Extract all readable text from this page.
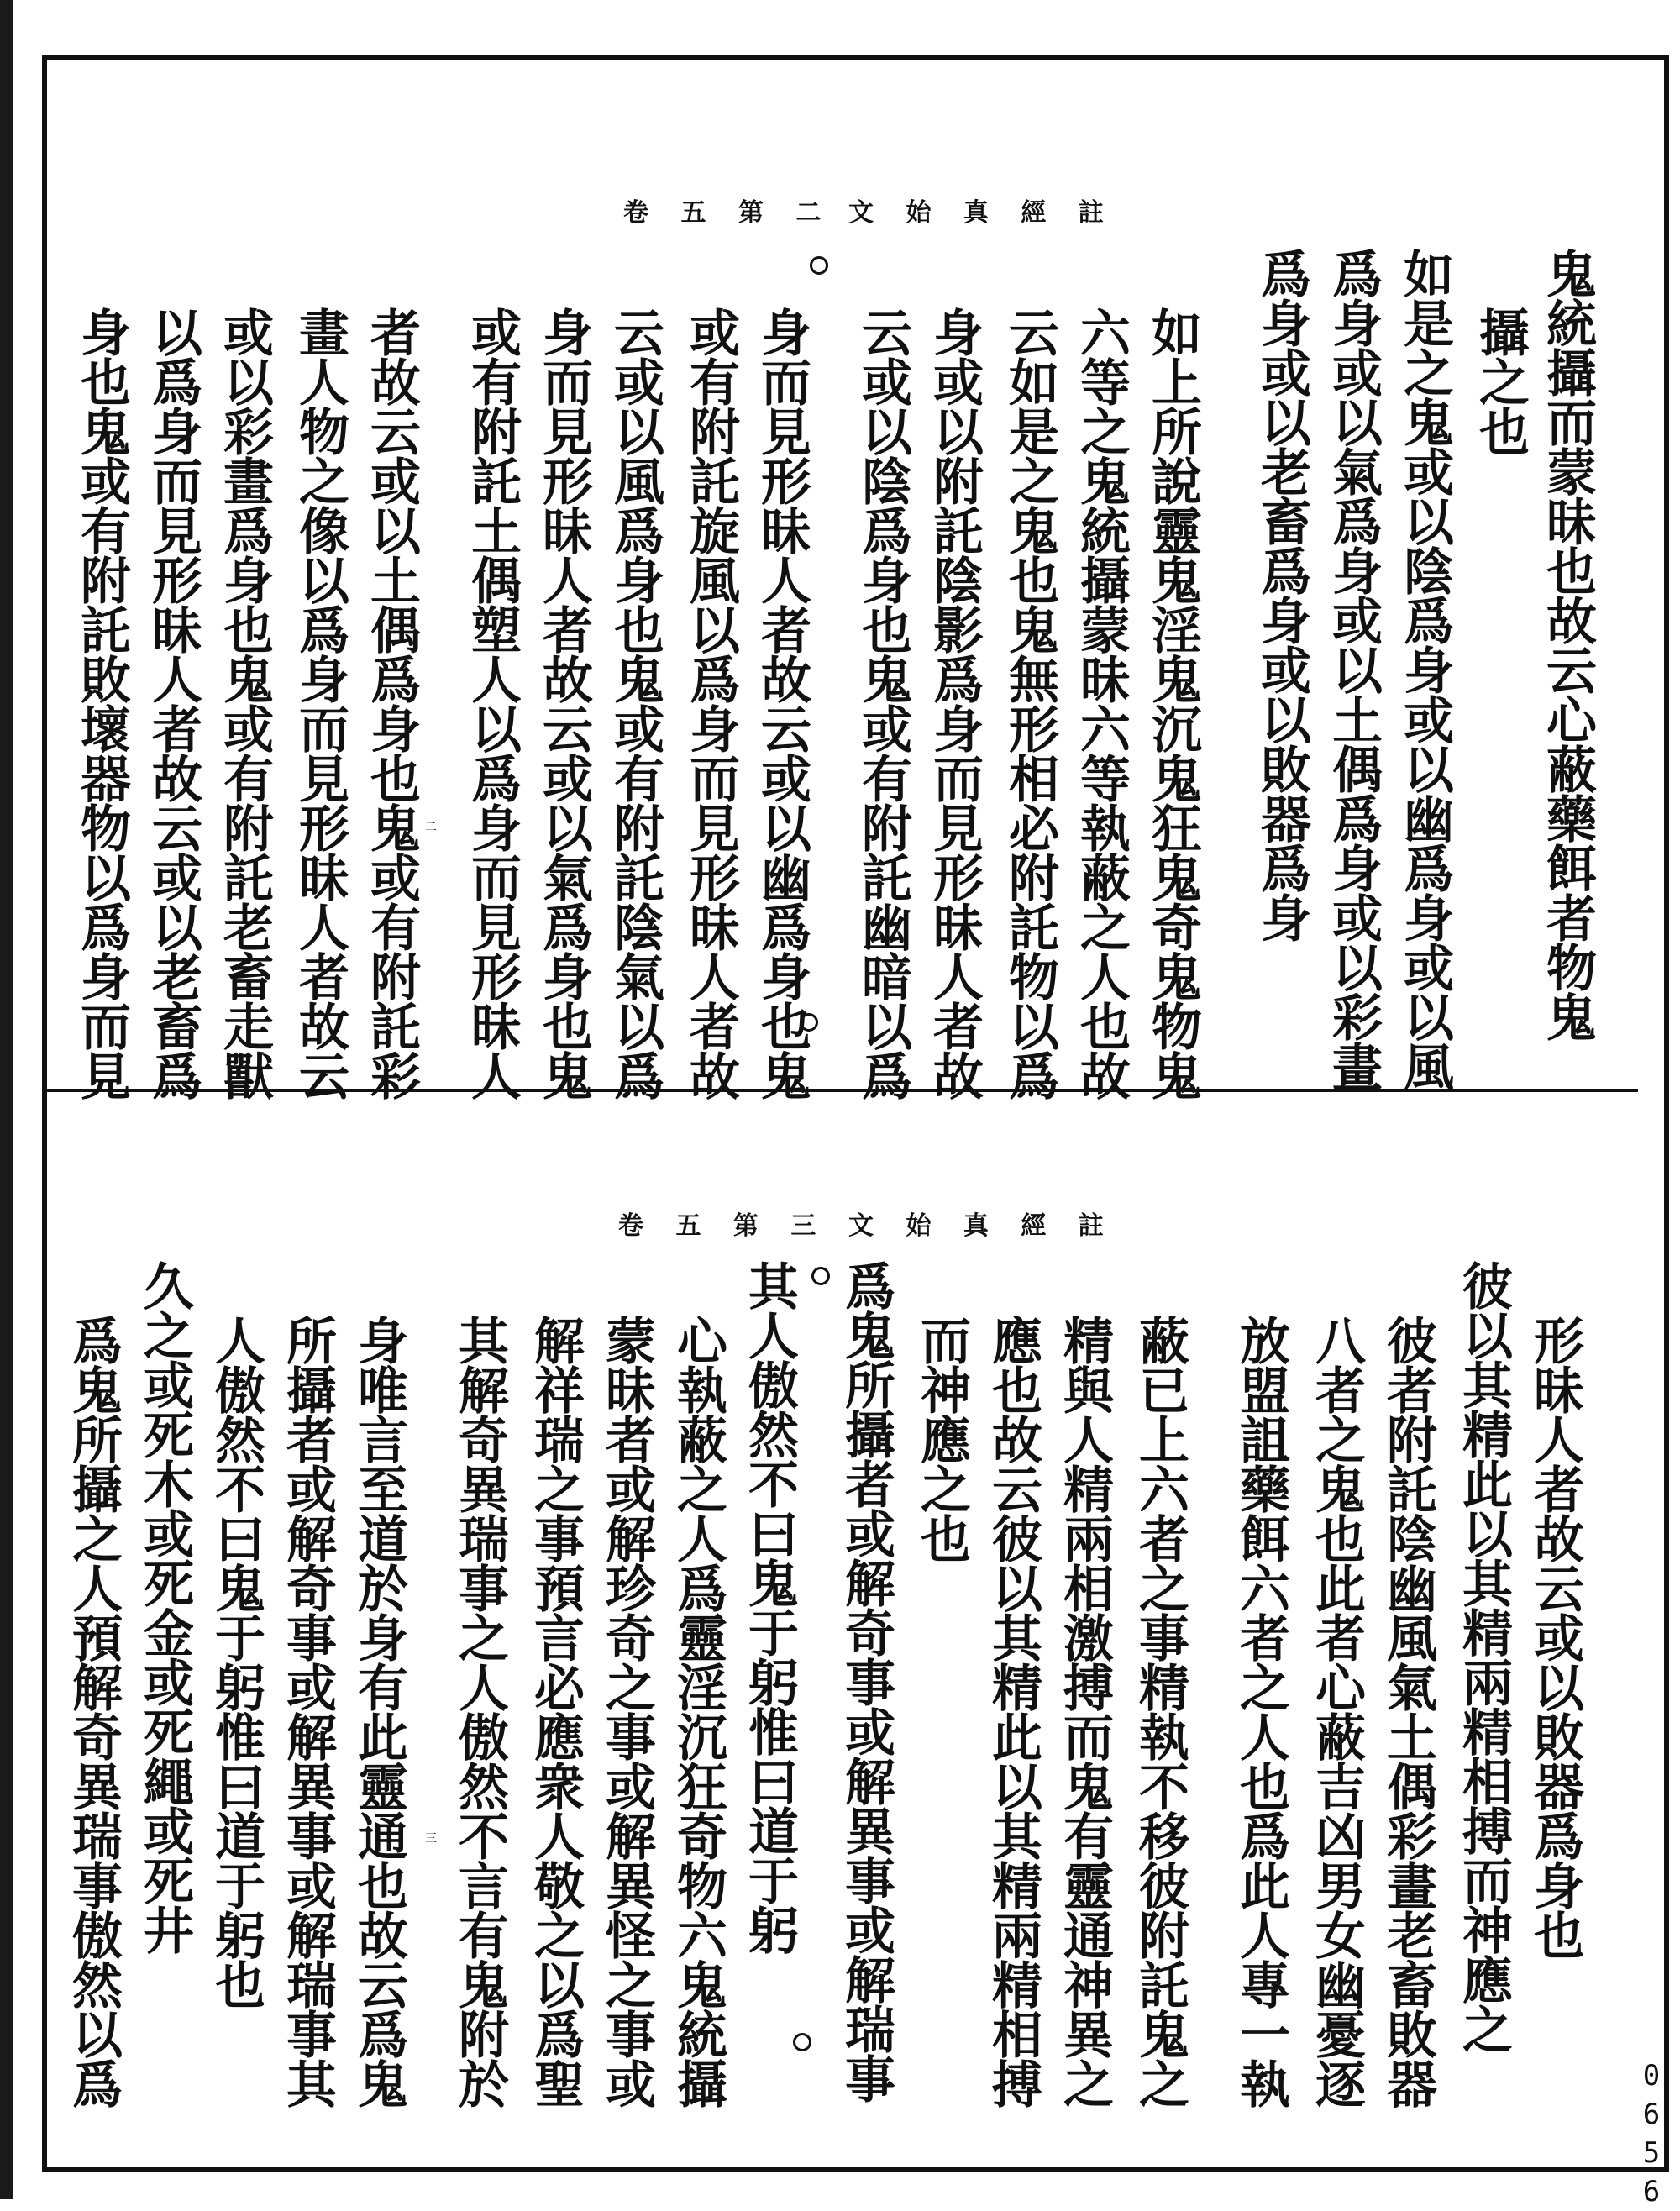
文 始 真 經 註
卷 五 第 二
鬼統攝而蒙昧也故云心蔽藥餌者物鬼
攝之也
如是之鬼或以陰爲身或以幽爲身或以風
爲身或以氣爲身或以土偶爲身或以彩畫
爲身或以老畜爲身或以敗器爲身
如上所說靈鬼淫鬼沉鬼狂鬼奇鬼物鬼
六等之鬼統攝蒙昧六等執蔽之人也故
云如是之鬼也鬼無形相必附託物以爲
身或以附託陰影爲身而見形昧人者故
云或以陰爲身也鬼或有附託幽暗以爲
身而見形昧人者故云或以幽爲身也鬼
或有附託旋風以爲身而見形昧人者故
云或以風爲身也鬼或有附託陰氣以爲
身而見形昧人者故云或以氣爲身也鬼
或有附託土偶塑人以爲身而見形昧人
者故云或以土偶爲身也鬼或有附託彩
畫人物之像以爲身而見形昧人者故云
或以彩畫爲身也鬼或有附託老畜走獸
以爲身而見形昧人者故云或以老畜爲
身也鬼或有附託敗壞器物以爲身而見	二
文 始 真 經 註
卷 五 第 三
形昧人者故云或以敗器爲身也
彼以其精此以其精兩精相搏而神應之
彼者附託陰幽風氣土偶彩畫老畜敗器
八者之鬼也此者心蔽吉凶男女幽憂逐
放盟詛藥餌六者之人也爲此人專一執
蔽已上六者之事精執不移彼附託鬼之
精與人精兩相激搏而鬼有靈通神異之
應也故云彼以其精此以其精兩精相搏
而神應之也
爲鬼所攝者或解奇事或解異事或解瑞事
其人傲然不曰鬼于躬惟曰道于躬
心執蔽之人爲靈淫沉狂奇物六鬼統攝
蒙昧者或解珍奇之事或解異怪之事或
解祥瑞之事預言必應衆人敬之以爲聖
其解奇異瑞事之人傲然不言有鬼附於
身唯言至道於身有此靈通也故云爲鬼
所攝者或解奇事或解異事或解瑞事其
人傲然不曰鬼于躬惟曰道于躬也
久之或死木或死金或死繩或死井
爲鬼所攝之人預解奇異瑞事傲然以爲	三
0656
